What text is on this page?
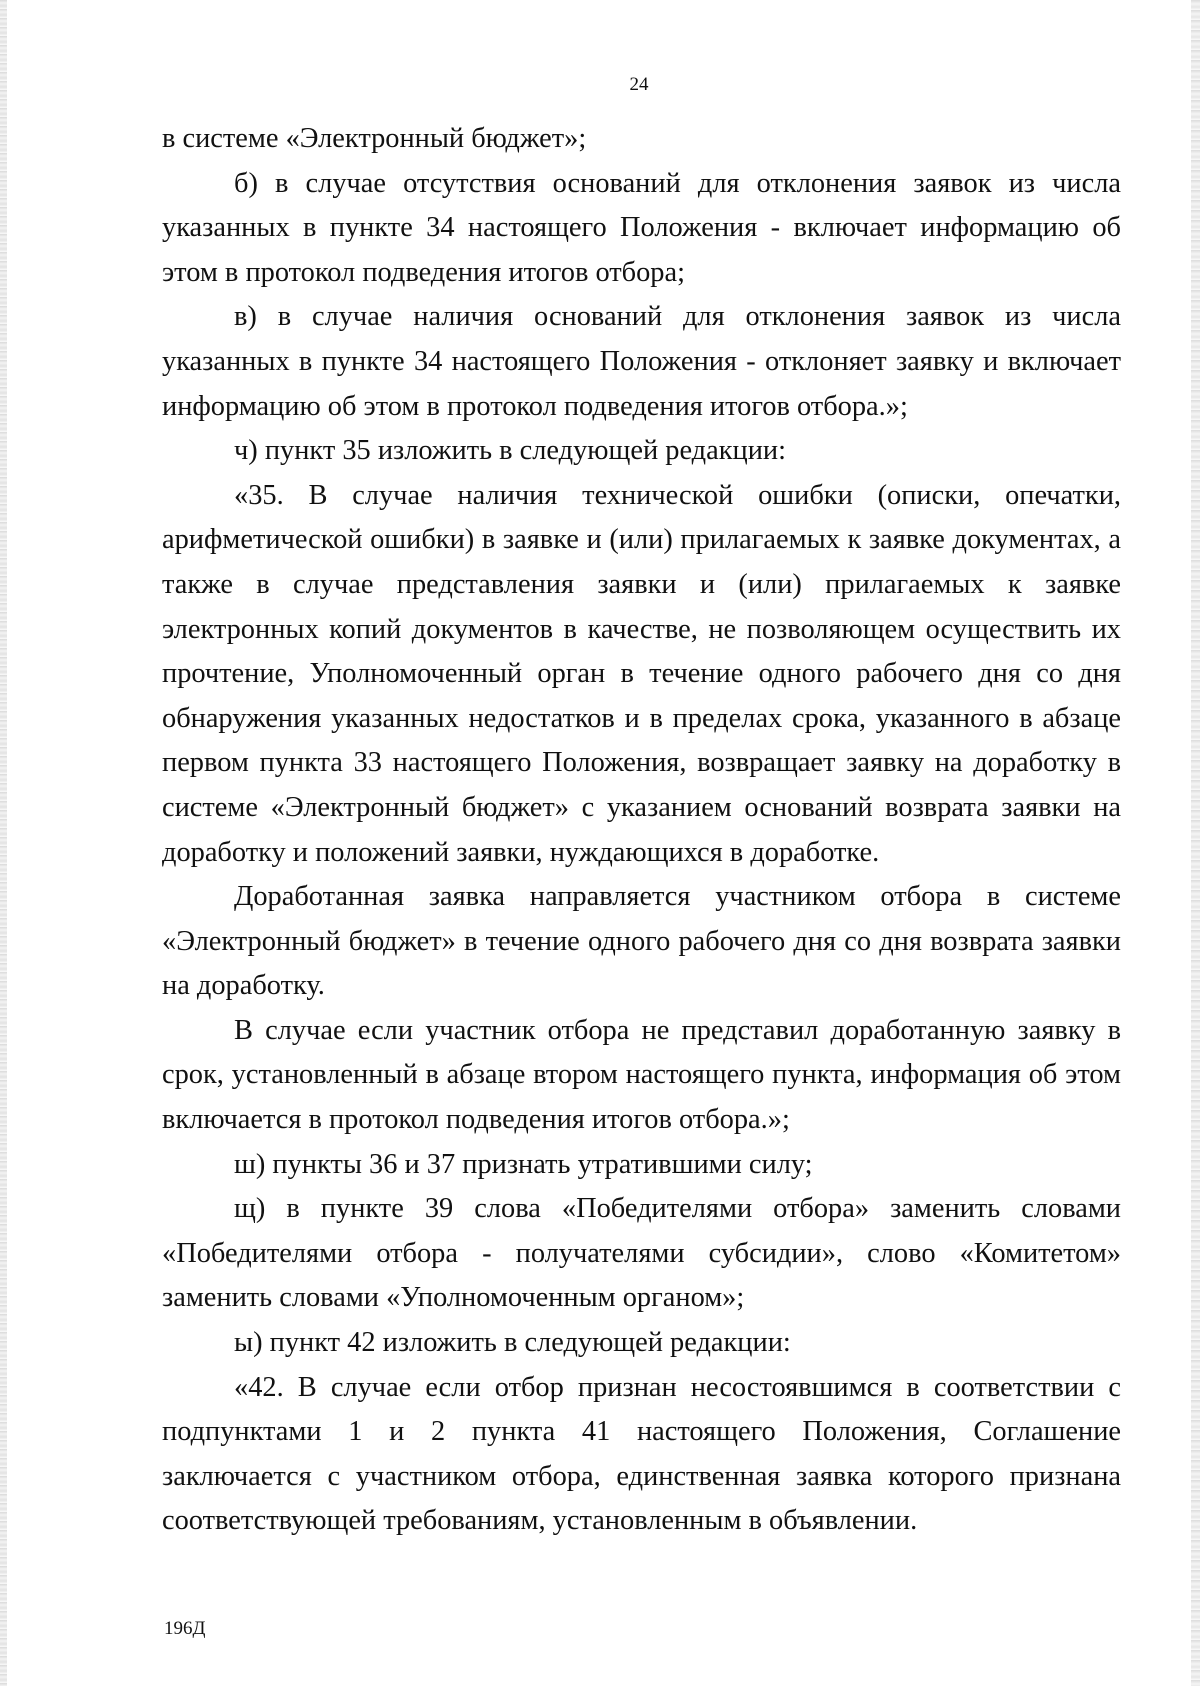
24

в системе «Электронный бюджет»;

б) в случае отсутствия оснований для отклонения заявок из числа указанных в пункте 34 настоящего Положения - включает информацию об этом в протокол подведения итогов отбора;

в) в случае наличия оснований для отклонения заявок из числа указанных в пункте 34 настоящего Положения - отклоняет заявку и включает информацию об этом в протокол подведения итогов отбора.»;

ч) пункт 35 изложить в следующей редакции:

«35. В случае наличия технической ошибки (описки, опечатки, арифметической ошибки) в заявке и (или) прилагаемых к заявке документах, а также в случае представления заявки и (или) прилагаемых к заявке электронных копий документов в качестве, не позволяющем осуществить их прочтение, Уполномоченный орган в течение одного рабочего дня со дня обнаружения указанных недостатков и в пределах срока, указанного в абзаце первом пункта 33 настоящего Положения, возвращает заявку на доработку в системе «Электронный бюджет» с указанием оснований возврата заявки на доработку и положений заявки, нуждающихся в доработке.

Доработанная заявка направляется участником отбора в системе «Электронный бюджет» в течение одного рабочего дня со дня возврата заявки на доработку.

В случае если участник отбора не представил доработанную заявку в срок, установленный в абзаце втором настоящего пункта, информация об этом включается в протокол подведения итогов отбора.»;

ш) пункты 36 и 37 признать утратившими силу;

щ) в пункте 39 слова «Победителями отбора» заменить словами «Победителями отбора - получателями субсидии», слово «Комитетом» заменить словами «Уполномоченным органом»;

ы) пункт 42 изложить в следующей редакции:

«42. В случае если отбор признан несостоявшимся в соответствии с подпунктами 1 и 2 пункта 41 настоящего Положения, Соглашение заключается с участником отбора, единственная заявка которого признана соответствующей требованиям, установленным в объявлении.

196Д
